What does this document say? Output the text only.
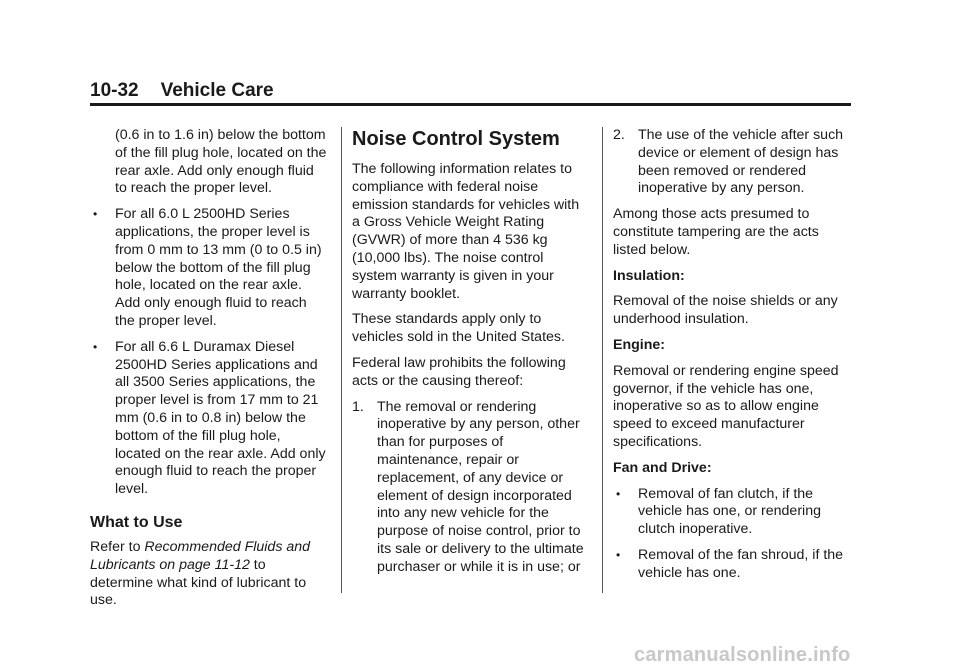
10-32 Vehicle Care

(0.6 in to 1.6 in) below the bottom of the fill plug hole, located on the rear axle. Add only enough fluid to reach the proper level.

• For all 6.0 L 2500HD Series applications, the proper level is from 0 mm to 13 mm (0 to 0.5 in) below the bottom of the fill plug hole, located on the rear axle. Add only enough fluid to reach the proper level.
• For all 6.6 L Duramax Diesel 2500HD Series applications and all 3500 Series applications, the proper level is from 17 mm to 21 mm (0.6 in to 0.8 in) below the bottom of the fill plug hole, located on the rear axle. Add only enough fluid to reach the proper level.
What to Use

Refer to Recommended Fluids and Lubricants on page 11-12 to determine what kind of lubricant to use.

Noise Control System

The following information relates to compliance with federal noise emission standards for vehicles with a Gross Vehicle Weight Rating (GVWR) of more than 4 536 kg (10,000 lbs). The noise control system warranty is given in your warranty booklet.

These standards apply only to vehicles sold in the United States.

Federal law prohibits the following acts or the causing thereof:

1. The removal or rendering inoperative by any person, other than for purposes of maintenance, repair or replacement, of any device or element of design incorporated into any new vehicle for the purpose of noise control, prior to its sale or delivery to the ultimate purchaser or while it is in use; or
2. The use of the vehicle after such device or element of design has been removed or rendered inoperative by any person.

Among those acts presumed to constitute tampering are the acts listed below.

Insulation:

Removal of the noise shields or any underhood insulation.

Engine:

Removal or rendering engine speed governor, if the vehicle has one, inoperative so as to allow engine speed to exceed manufacturer specifications.

Fan and Drive:

• Removal of fan clutch, if the vehicle has one, or rendering clutch inoperative.
• Removal of the fan shroud, if the vehicle has one.
carmanualsonline.info
